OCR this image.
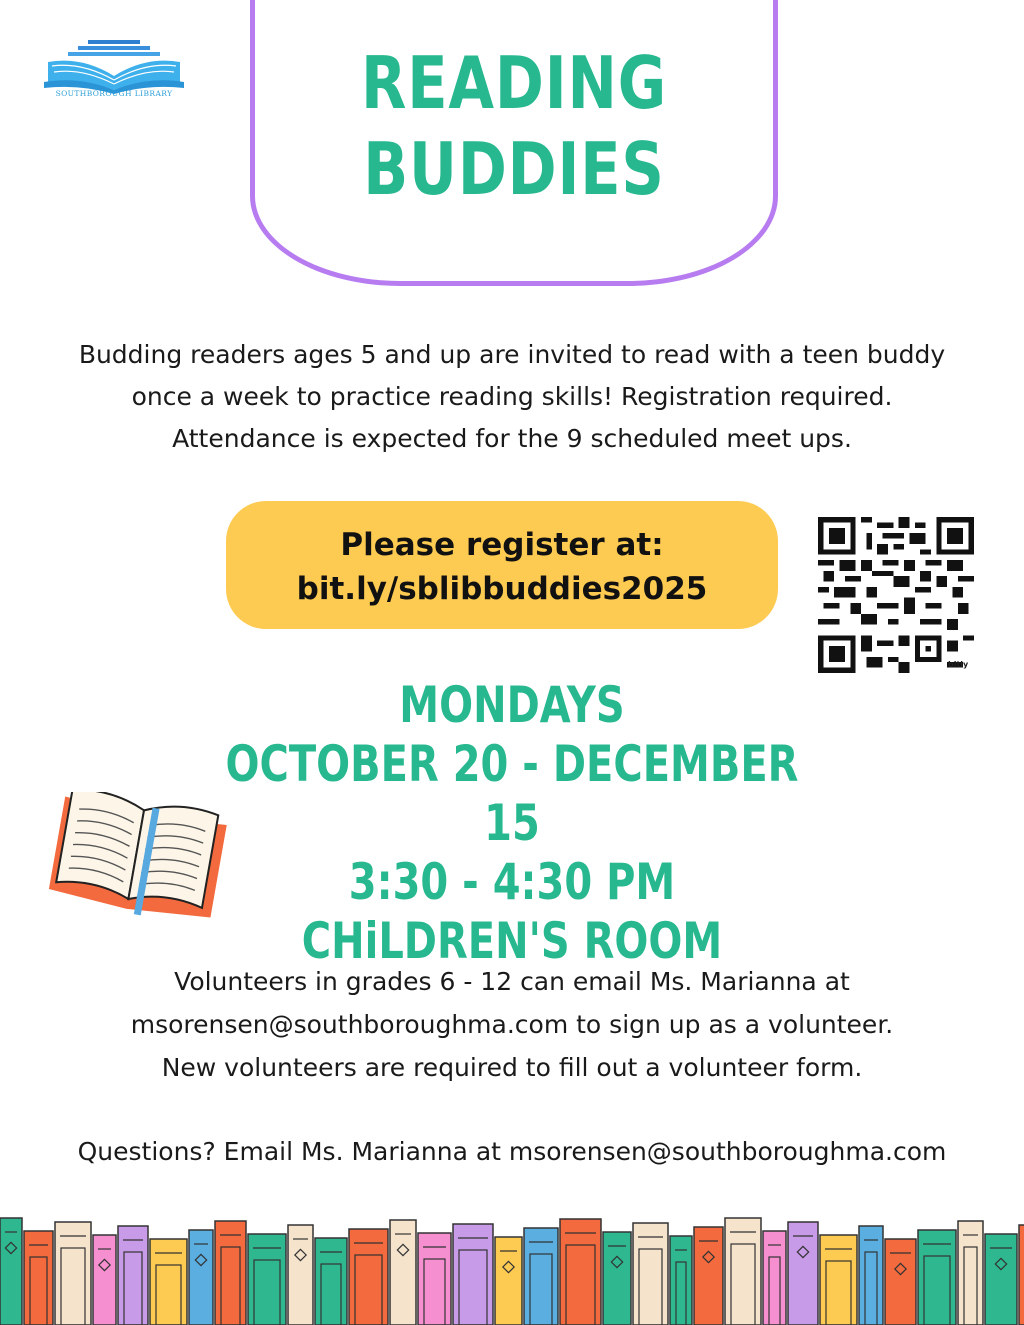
SOUTHBOROUGH LIBRARY	READING
BUDDIES
Budding readers ages 5 and up are invited to read with a teen buddy once a week to practice reading skills! Registration required. Attendance is expected for the 9 scheduled meet ups.
Please register at:
bit.ly/sblibbuddies2025
bitly
MONDAYS
OCTOBER 20 - DECEMBER 15
3:30 - 4:30 PM
CHiLDREN'S ROOM
Volunteers in grades 6 - 12 can email Ms. Marianna at
msorensen@southboroughma.com to sign up as a volunteer.
New volunteers are required to fill out a volunteer form.
Questions? Email Ms. Marianna at msorensen@southboroughma.com
